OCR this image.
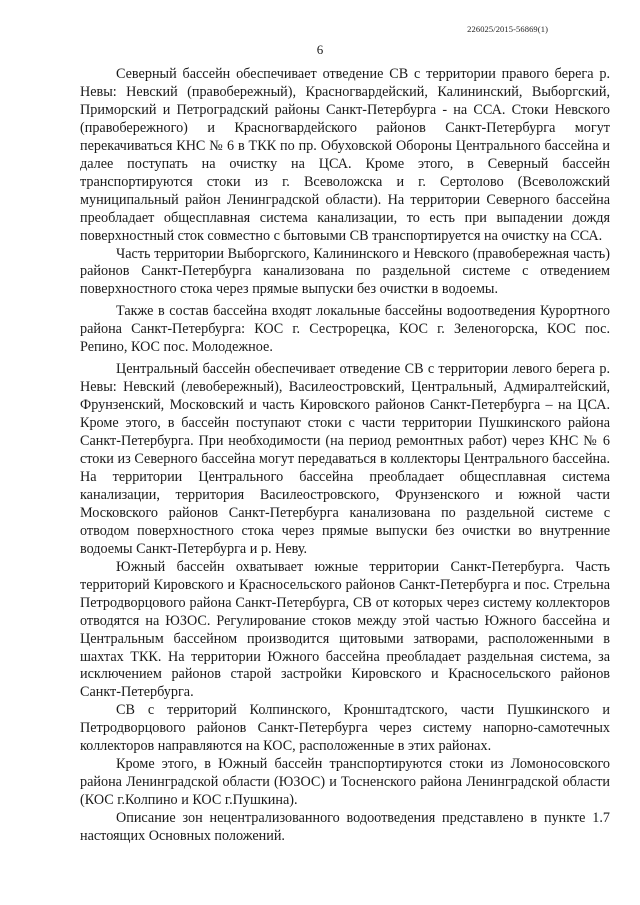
226025/2015-56869(1)
6

Северный бассейн обеспечивает отведение СВ с территории правого берега р. Невы: Невский (правобережный), Красногвардейский, Калининский, Выборгский, Приморский и Петроградский районы Санкт-Петербурга - на ССА. Стоки Невского (правобережного) и Красногвардейского районов Санкт-Петербурга могут перекачиваться КНС № 6 в ТКК по пр. Обуховской Обороны Центрального бассейна и далее поступать на очистку на ЦСА. Кроме этого, в Северный бассейн транспортируются стоки из г. Всеволожска и г. Сертолово (Всеволожский муниципальный район Ленинградской области). На территории Северного бассейна преобладает общесплавная система канализации, то есть при выпадении дождя поверхностный сток совместно с бытовыми СВ транспортируется на очистку на ССА.

Часть территории Выборгского, Калининского и Невского (правобережная часть) районов Санкт-Петербурга канализована по раздельной системе с отведением поверхностного стока через прямые выпуски без очистки в водоемы.

Также в состав бассейна входят локальные бассейны водоотведения Курортного района Санкт-Петербурга: КОС г. Сестрорецка, КОС г. Зеленогорска, КОС пос. Репино, КОС пос. Молодежное.

Центральный бассейн обеспечивает отведение СВ с территории левого берега р. Невы: Невский (левобережный), Василеостровский, Центральный, Адмиралтейский, Фрунзенский, Московский и часть Кировского районов Санкт-Петербурга – на ЦСА. Кроме этого, в бассейн поступают стоки с части территории Пушкинского района Санкт-Петербурга. При необходимости (на период ремонтных работ) через КНС № 6 стоки из Северного бассейна могут передаваться в коллекторы Центрального бассейна. На территории Центрального бассейна преобладает общесплавная система канализации, территория Василеостровского, Фрунзенского и южной части Московского районов Санкт-Петербурга канализована по раздельной системе с отводом поверхностного стока через прямые выпуски без очистки во внутренние водоемы Санкт-Петербурга и р. Неву.

Южный бассейн охватывает южные территории Санкт-Петербурга. Часть территорий Кировского и Красносельского районов Санкт-Петербурга и пос. Стрельна Петродворцового района Санкт-Петербурга, СВ от которых через систему коллекторов отводятся на ЮЗОС. Регулирование стоков между этой частью Южного бассейна и Центральным бассейном производится щитовыми затворами, расположенными в шахтах ТКК. На территории Южного бассейна преобладает раздельная система, за исключением районов старой застройки Кировского и Красносельского районов Санкт-Петербурга.

СВ с территорий Колпинского, Кронштадтского, части Пушкинского и Петродворцового районов Санкт-Петербурга через систему напорно-самотечных коллекторов направляются на КОС, расположенные в этих районах.

Кроме этого, в Южный бассейн транспортируются стоки из Ломоносовского района Ленинградской области (ЮЗОС) и Тосненского района Ленинградской области (КОС г.Колпино и КОС г.Пушкина).

Описание зон нецентрализованного водоотведения представлено в пункте 1.7 настоящих Основных положений.
